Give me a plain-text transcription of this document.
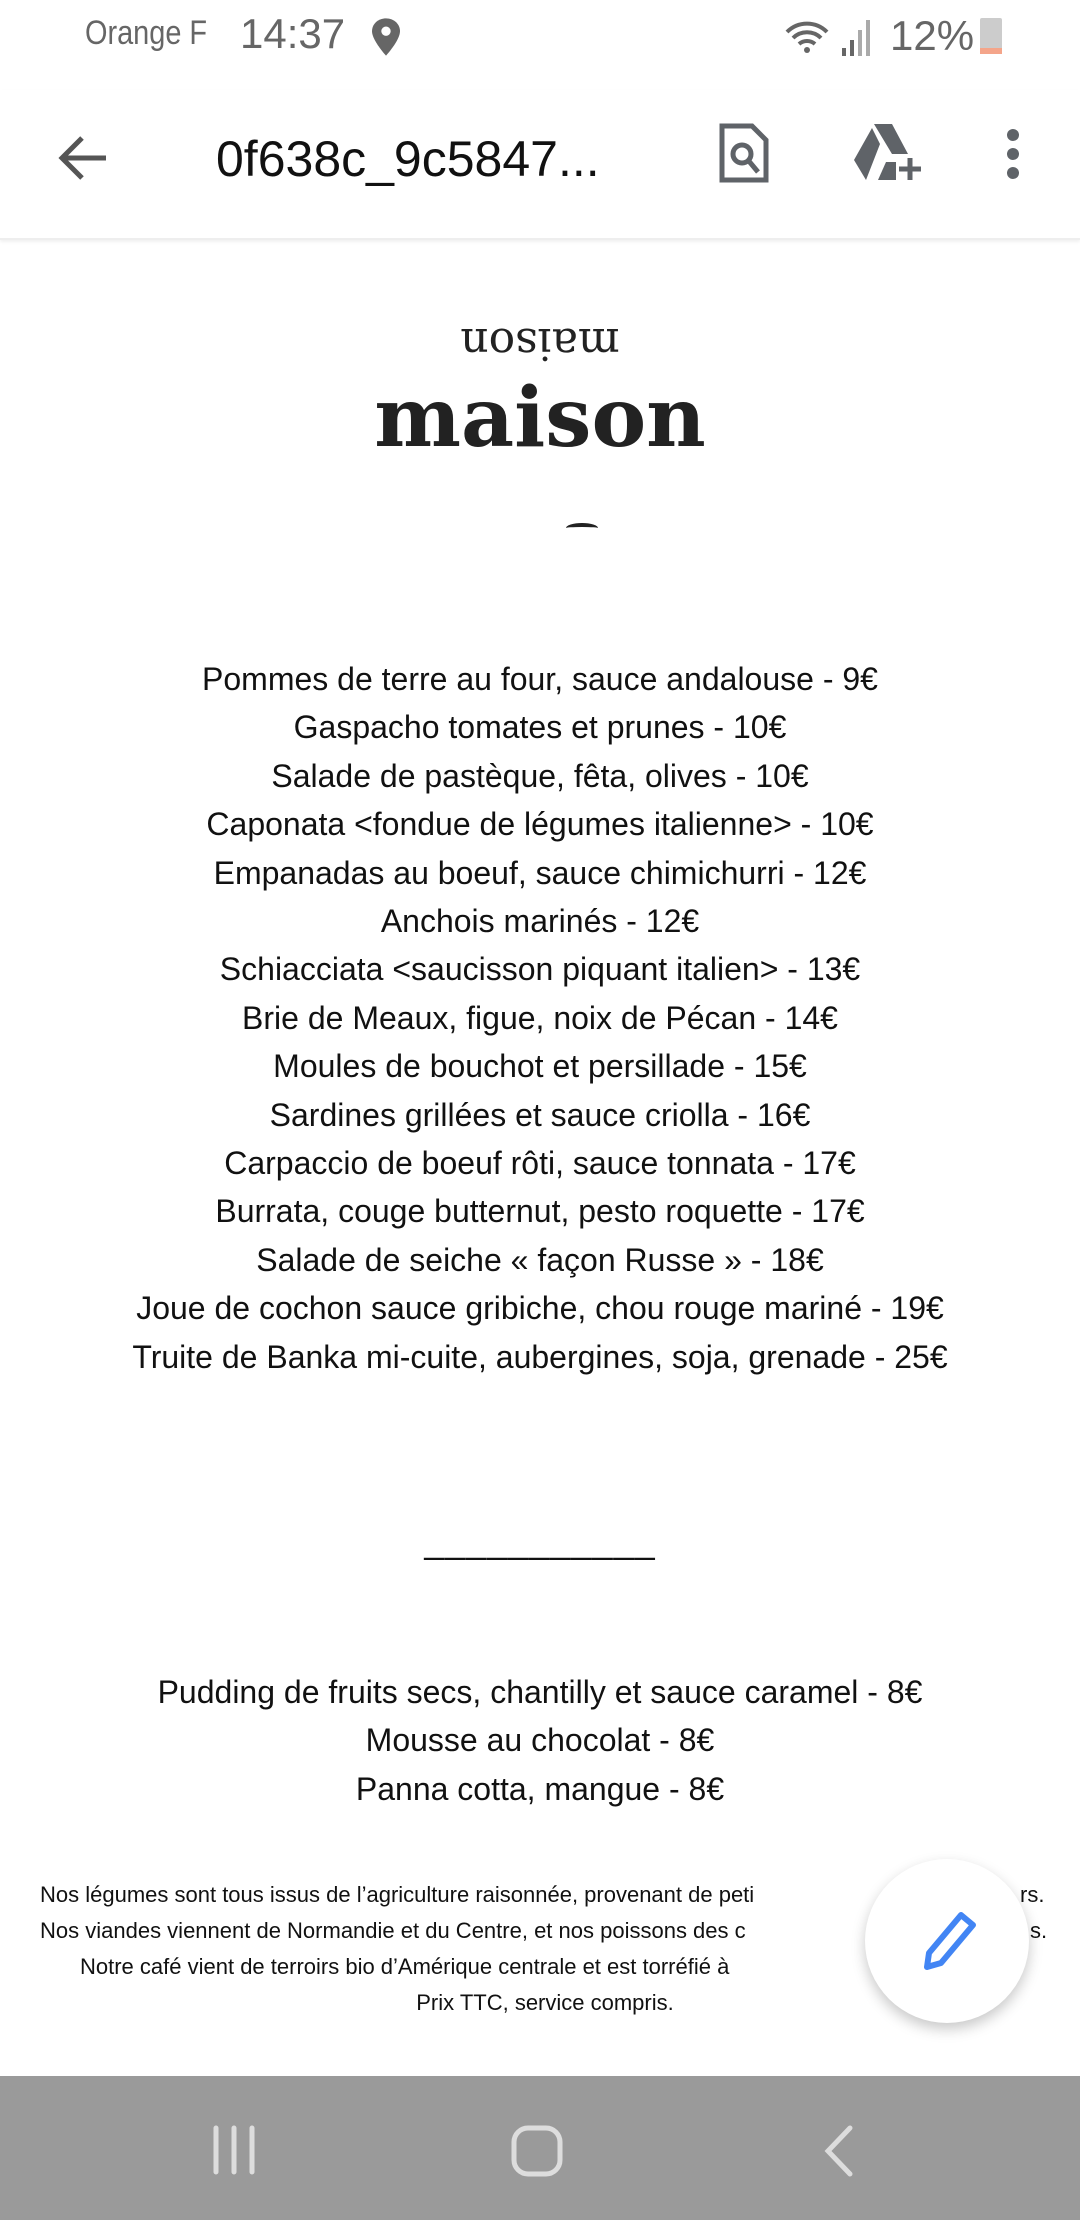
Orange F 14:37	12%
0f638c_9c5847...
maison
maison
Pommes de terre au four, sauce andalouse - 9€
Gaspacho tomates et prunes - 10€
Salade de pastèque, fêta, olives - 10€
Caponata <fondue de légumes italienne> - 10€
Empanadas au boeuf, sauce chimichurri - 12€
Anchois marinés - 12€
Schiacciata <saucisson piquant italien> - 13€
Brie de Meaux, figue, noix de Pécan - 14€
Moules de bouchot et persillade - 15€
Sardines grillées et sauce criolla - 16€
Carpaccio de boeuf rôti, sauce tonnata - 17€
Burrata, couge butternut, pesto roquette - 17€
Salade de seiche « façon Russe » - 18€
Joue de cochon sauce gribiche, chou rouge mariné - 19€
Truite de Banka mi-cuite, aubergines, soja, grenade - 25€
___________
Pudding de fruits secs, chantilly et sauce caramel - 8€
Mousse au chocolat - 8€
Panna cotta, mangue - 8€
Nos légumes sont tous issus de l’agriculture raisonnée, provenant de peti	rs.
Nos viandes viennent de Normandie et du Centre, et nos poissons des c	s.
Notre café vient de terroirs bio d’Amérique centrale et est torréfié à
Prix TTC, service compris.
